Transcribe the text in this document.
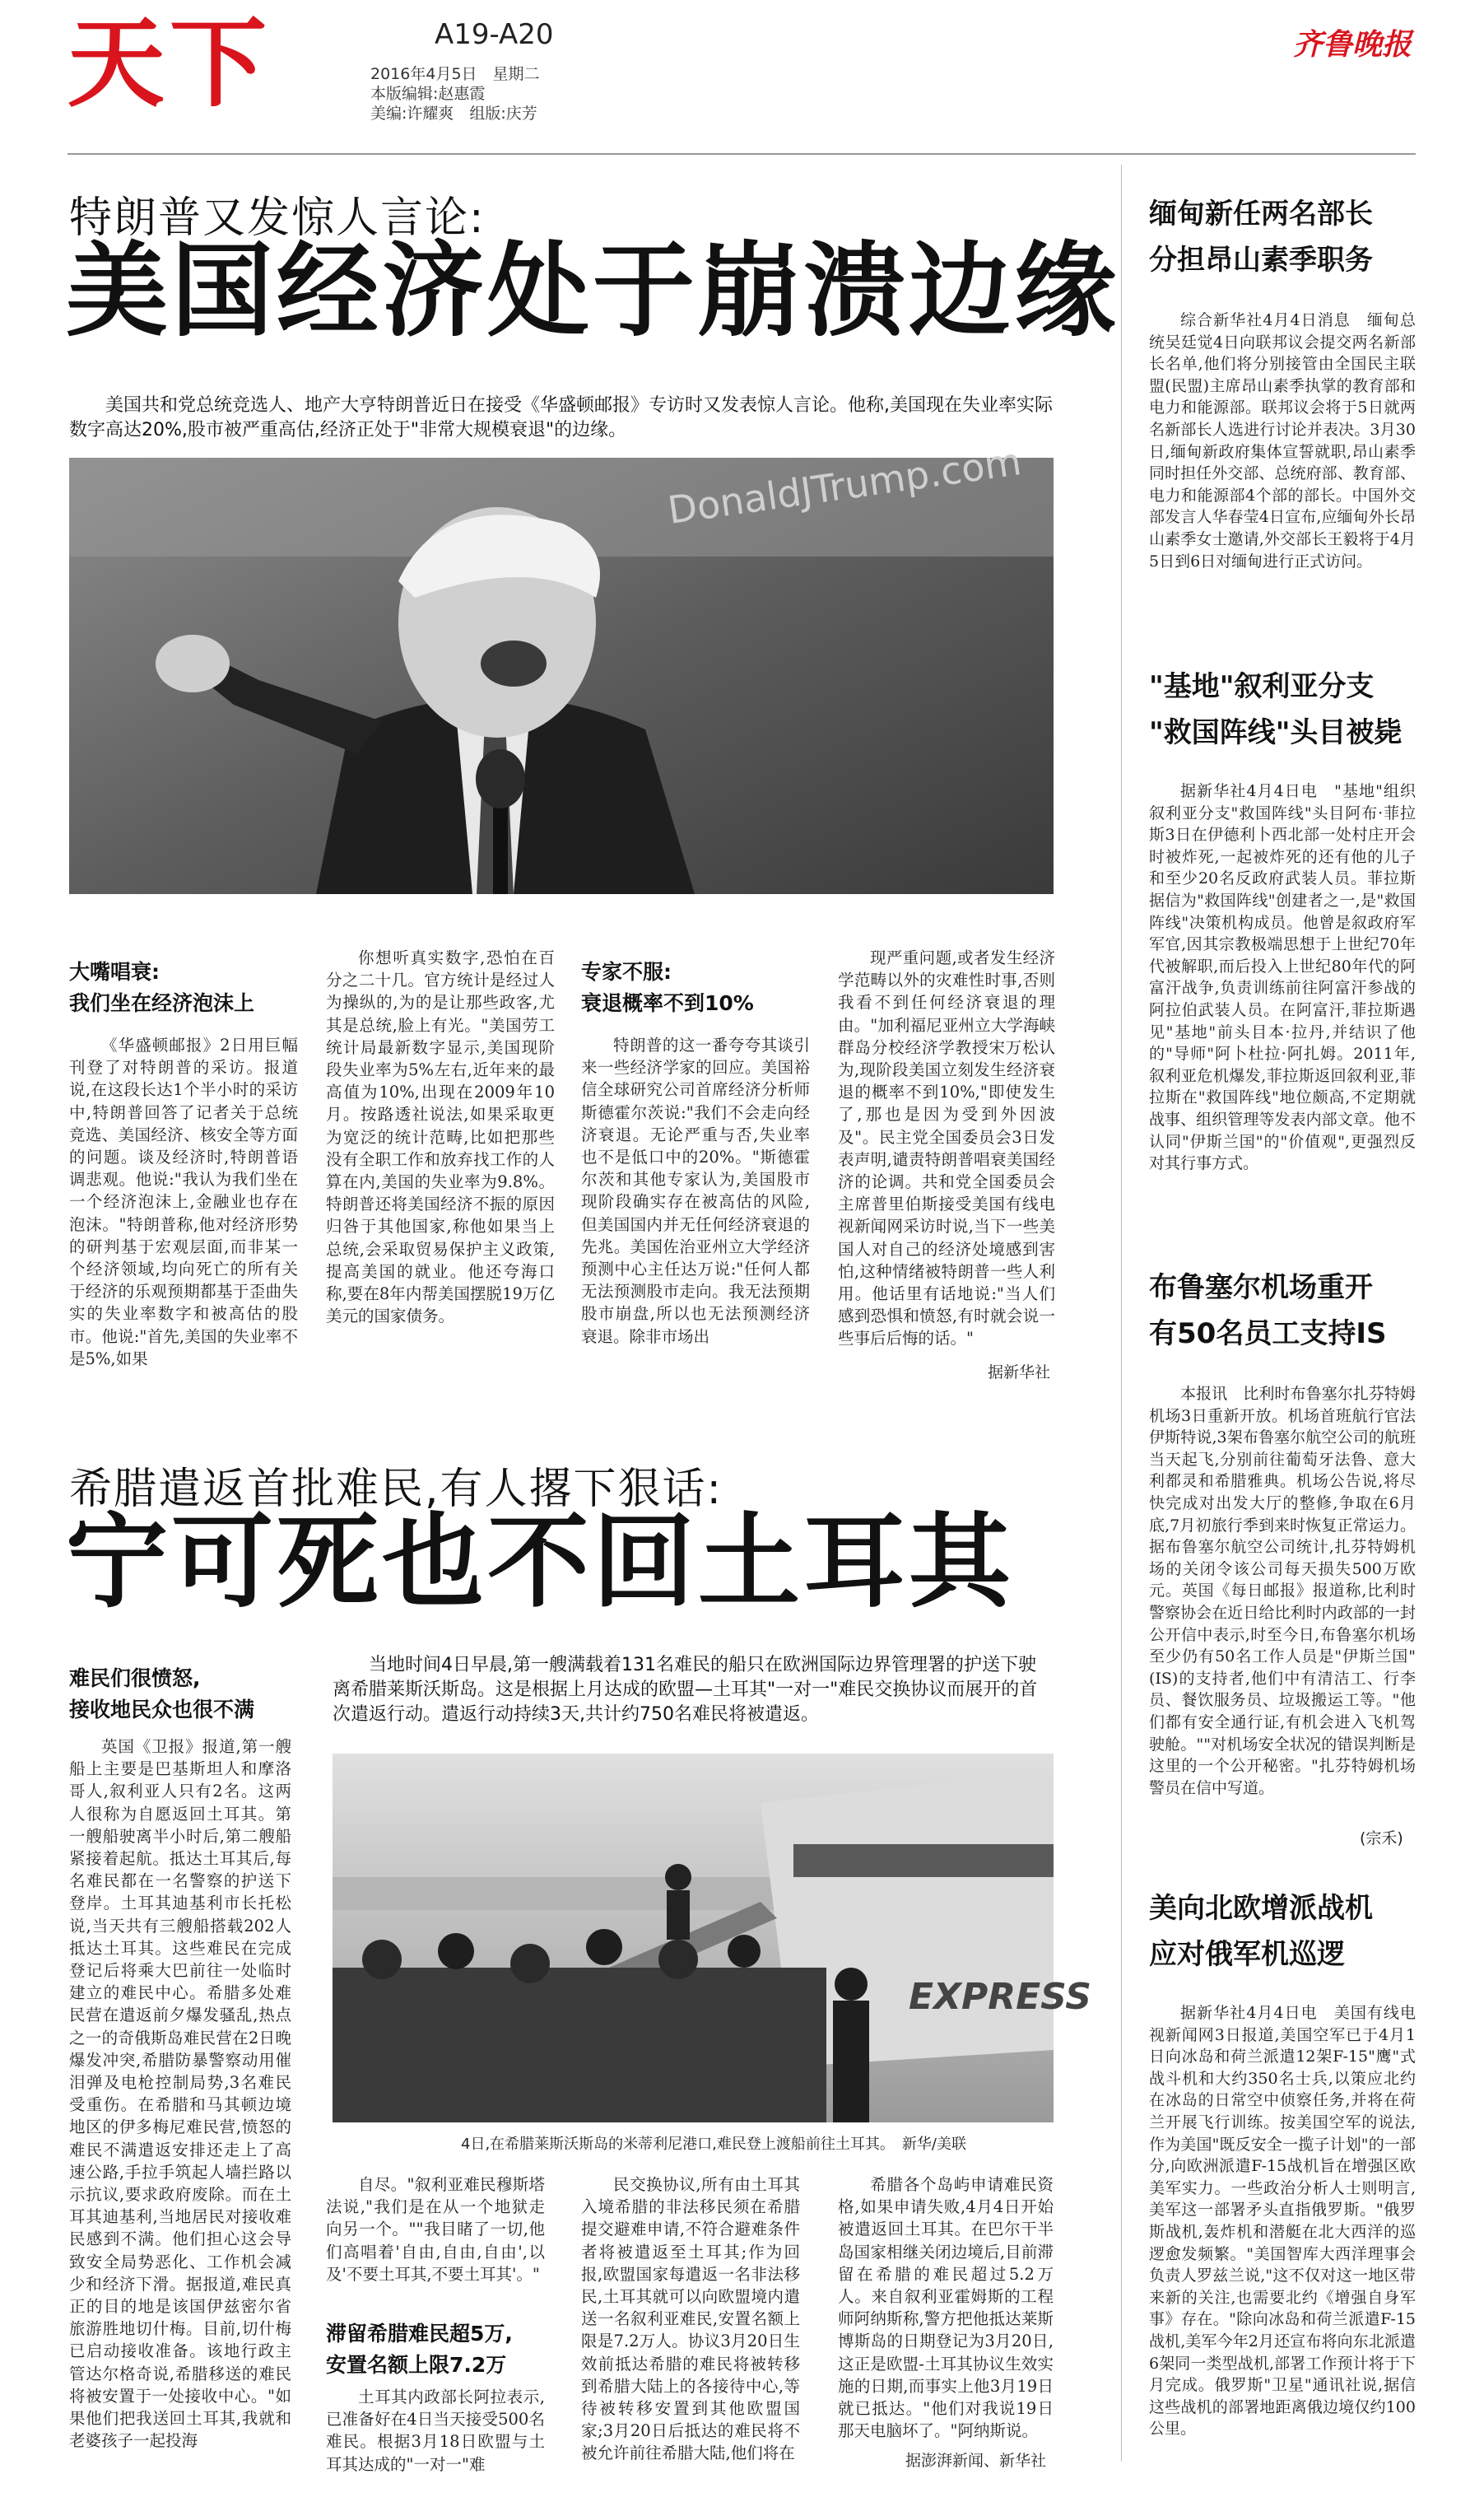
天下	A19-A20
2016年4月5日　星期二
本版编辑:赵惠霞
美编:许耀爽　组版:庆芳
齐鲁晚报
特朗普又发惊人言论:
美国经济处于崩溃边缘
美国共和党总统竞选人、地产大亨特朗普近日在接受《华盛顿邮报》专访时又发表惊人言论。他称,美国现在失业率实际数字高达20%,股市被严重高估,经济正处于"非常大规模衰退"的边缘。
DonaldJTrump.com
大嘴唱衰:
我们坐在经济泡沫上

《华盛顿邮报》2日用巨幅刊登了对特朗普的采访。报道说,在这段长达1个半小时的采访中,特朗普回答了记者关于总统竞选、美国经济、核安全等方面的问题。谈及经济时,特朗普语调悲观。他说:"我认为我们坐在一个经济泡沫上,金融业也存在泡沫。"特朗普称,他对经济形势的研判基于宏观层面,而非某一个经济领域,均向死亡的所有关于经济的乐观预期都基于歪曲失实的失业率数字和被高估的股市。他说:"首先,美国的失业率不是5%,如果

你想听真实数字,恐怕在百分之二十几。官方统计是经过人为操纵的,为的是让那些政客,尤其是总统,脸上有光。"美国劳工统计局最新数字显示,美国现阶段失业率为5%左右,近年来的最高值为10%,出现在2009年10月。按路透社说法,如果采取更为宽泛的统计范畴,比如把那些没有全职工作和放弃找工作的人算在内,美国的失业率为9.8%。特朗普还将美国经济不振的原因归咎于其他国家,称他如果当上总统,会采取贸易保护主义政策,提高美国的就业。他还夸海口称,要在8年内帮美国摆脱19万亿美元的国家债务。

专家不服:
衰退概率不到10%

特朗普的这一番夸夸其谈引来一些经济学家的回应。美国裕信全球研究公司首席经济分析师斯德霍尔茨说:"我们不会走向经济衰退。无论严重与否,失业率也不是低口中的20%。"斯德霍尔茨和其他专家认为,美国股市现阶段确实存在被高估的风险,但美国国内并无任何经济衰退的先兆。美国佐治亚州立大学经济预测中心主任达万说:"任何人都无法预测股市走向。我无法预期股市崩盘,所以也无法预测经济衰退。除非市场出

现严重问题,或者发生经济学范畴以外的灾难性时事,否则我看不到任何经济衰退的理由。"加利福尼亚州立大学海峡群岛分校经济学教授宋万松认为,现阶段美国立刻发生经济衰退的概率不到10%,"即使发生了,那也是因为受到外因波及"。民主党全国委员会3日发表声明,谴责特朗普唱衰美国经济的论调。共和党全国委员会主席普里伯斯接受美国有线电视新闻网采访时说,当下一些美国人对自己的经济处境感到害怕,这种情绪被特朗普一些人利用。他话里有话地说:"当人们感到恐惧和愤怒,有时就会说一些事后后悔的话。"

据新华社
希腊遣返首批难民,有人撂下狠话:
宁可死也不回土耳其
难民们很愤怒,
接收地民众也很不满

英国《卫报》报道,第一艘船上主要是巴基斯坦人和摩洛哥人,叙利亚人只有2名。这两人很称为自愿返回土耳其。第一艘船驶离半小时后,第二艘船紧接着起航。抵达土耳其后,每名难民都在一名警察的护送下登岸。土耳其迪基利市长托松说,当天共有三艘船搭载202人抵达土耳其。这些难民在完成登记后将乘大巴前往一处临时建立的难民中心。希腊多处难民营在遣返前夕爆发骚乱,热点之一的奇俄斯岛难民营在2日晚爆发冲突,希腊防暴警察动用催泪弹及电枪控制局势,3名难民受重伤。在希腊和马其顿边境地区的伊多梅尼难民营,愤怒的难民不满遣返安排还走上了高速公路,手拉手筑起人墙拦路以示抗议,要求政府废除。而在土耳其迪基利,当地居民对接收难民感到不满。他们担心这会导致安全局势恶化、工作机会减少和经济下滑。据报道,难民真正的目的地是该国伊兹密尔省旅游胜地切什梅。目前,切什梅已启动接收准备。该地行政主管达尔格奇说,希腊移送的难民将被安置于一处接收中心。"如果他们把我送回土耳其,我就和老婆孩子一起投海

当地时间4日早晨,第一艘满载着131名难民的船只在欧洲国际边界管理署的护送下驶离希腊莱斯沃斯岛。这是根据上月达成的欧盟—土耳其"一对一"难民交换协议而展开的首次遣返行动。遣返行动持续3天,共计约750名难民将被遣返。
EXPRESS
4日,在希腊莱斯沃斯岛的米蒂利尼港口,难民登上渡船前往土耳其。　新华/美联

自尽。"叙利亚难民穆斯塔法说,"我们是在从一个地狱走向另一个。""我目睹了一切,他们高唱着'自由,自由,自由',以及'不要土耳其,不要土耳其'。"

滞留希腊难民超5万,
安置名额上限7.2万

土耳其内政部长阿拉表示,已准备好在4日当天接受500名难民。根据3月18日欧盟与土耳其达成的"一对一"难

民交换协议,所有由土耳其入境希腊的非法移民须在希腊提交避难申请,不符合避难条件者将被遣返至土耳其;作为回报,欧盟国家每遣返一名非法移民,土耳其就可以向欧盟境内遣送一名叙利亚难民,安置名额上限是7.2万人。协议3月20日生效前抵达希腊的难民将被转移到希腊大陆上的各接待中心,等待被转移安置到其他欧盟国家;3月20日后抵达的难民将不被允许前往希腊大陆,他们将在

希腊各个岛屿申请难民资格,如果申请失败,4月4日开始被遣返回土耳其。在巴尔干半岛国家相继关闭边境后,目前滞留在希腊的难民超过5.2万人。来自叙利亚霍姆斯的工程师阿纳斯称,警方把他抵达莱斯博斯岛的日期登记为3月20日,这正是欧盟-土耳其协议生效实施的日期,而事实上他3月19日就已抵达。"他们对我说19日那天电脑坏了。"阿纳斯说。

据澎湃新闻、新华社
缅甸新任两名部长
分担昂山素季职务

综合新华社4月4日消息　缅甸总统吴廷觉4日向联邦议会提交两名新部长名单,他们将分别接管由全国民主联盟(民盟)主席昂山素季执掌的教育部和电力和能源部。联邦议会将于5日就两名新部长人选进行讨论并表决。3月30日,缅甸新政府集体宣誓就职,昂山素季同时担任外交部、总统府部、教育部、电力和能源部4个部的部长。中国外交部发言人华春莹4日宣布,应缅甸外长昂山素季女士邀请,外交部长王毅将于4月5日到6日对缅甸进行正式访问。

"基地"叙利亚分支
"救国阵线"头目被毙

据新华社4月4日电　"基地"组织叙利亚分支"救国阵线"头目阿布·菲拉斯3日在伊德利卜西北部一处村庄开会时被炸死,一起被炸死的还有他的儿子和至少20名反政府武装人员。菲拉斯据信为"救国阵线"创建者之一,是"救国阵线"决策机构成员。他曾是叙政府军军官,因其宗教极端思想于上世纪70年代被解职,而后投入上世纪80年代的阿富汗战争,负责训练前往阿富汗参战的阿拉伯武装人员。在阿富汗,菲拉斯遇见"基地"前头目本·拉丹,并结识了他的"导师"阿卜杜拉·阿扎姆。2011年,叙利亚危机爆发,菲拉斯返回叙利亚,菲拉斯在"救国阵线"地位颇高,不定期就战事、组织管理等发表内部文章。他不认同"伊斯兰国"的"价值观",更强烈反对其行事方式。

布鲁塞尔机场重开
有50名员工支持IS

本报讯　比利时布鲁塞尔扎芬特姆机场3日重新开放。机场首班航行官法伊斯特说,3架布鲁塞尔航空公司的航班当天起飞,分别前往葡萄牙法鲁、意大利都灵和希腊雅典。机场公告说,将尽快完成对出发大厅的整修,争取在6月底,7月初旅行季到来时恢复正常运力。据布鲁塞尔航空公司统计,扎芬特姆机场的关闭令该公司每天损失500万欧元。英国《每日邮报》报道称,比利时警察协会在近日给比利时内政部的一封公开信中表示,时至今日,布鲁塞尔机场至少仍有50名工作人员是"伊斯兰国"(IS)的支持者,他们中有清洁工、行李员、餐饮服务员、垃圾搬运工等。"他们都有安全通行证,有机会进入飞机驾驶舱。""对机场安全状况的错误判断是这里的一个公开秘密。"扎芬特姆机场警员在信中写道。

(宗禾)
美向北欧增派战机
应对俄军机巡逻

据新华社4月4日电　美国有线电视新闻网3日报道,美国空军已于4月1日向冰岛和荷兰派遣12架F-15"鹰"式战斗机和大约350名士兵,以策应北约在冰岛的日常空中侦察任务,并将在荷兰开展飞行训练。按美国空军的说法,作为美国"既反安全一揽子计划"的一部分,向欧洲派遣F-15战机旨在增强区欧美军实力。一些政治分析人士则明言,美军这一部署矛头直指俄罗斯。"俄罗斯战机,轰炸机和潜艇在北大西洋的巡逻愈发频繁。"美国智库大西洋理事会负责人罗兹兰说,"这不仅对这一地区带来新的关注,也需要北约《增强自身军事》存在。"除向冰岛和荷兰派遣F-15战机,美军今年2月还宣布将向东北派遣6架同一类型战机,部署工作预计将于下月完成。俄罗斯"卫星"通讯社说,据信这些战机的部署地距离俄边境仅约100公里。
